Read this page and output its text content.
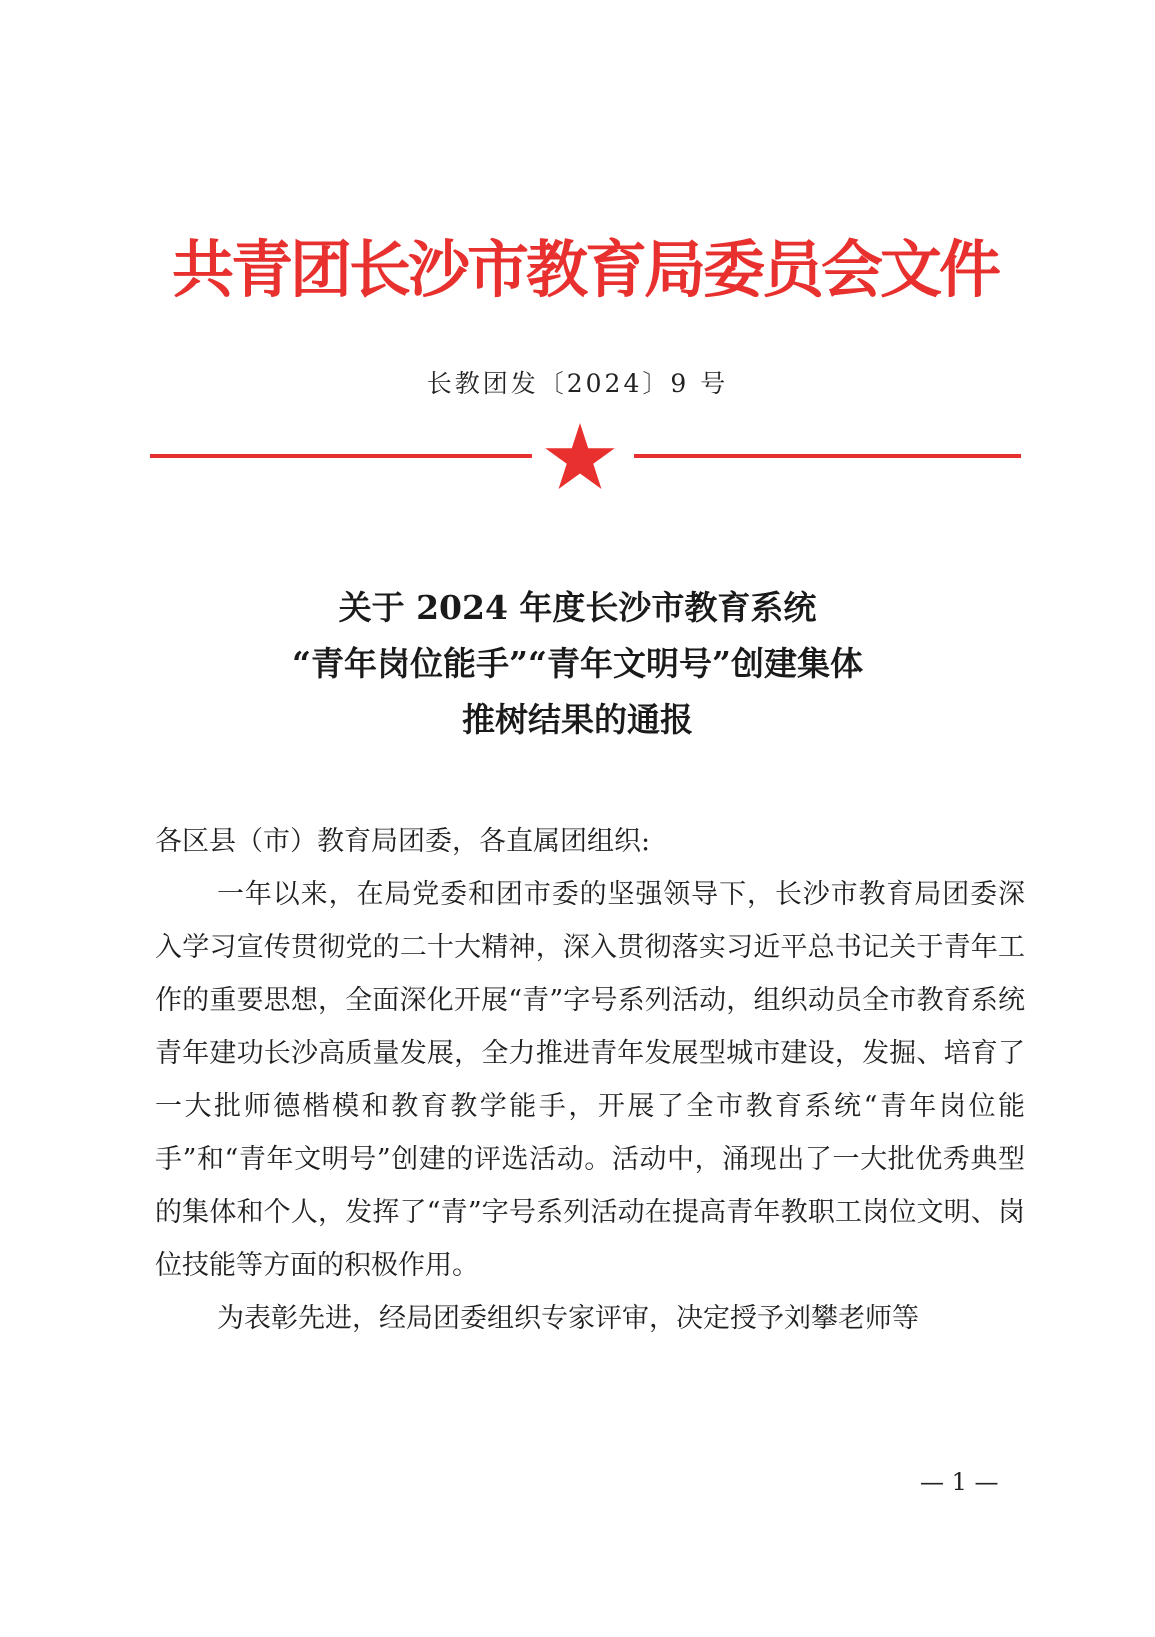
共青团长沙市教育局委员会文件
长教团发〔2024〕9 号
关于 2024 年度长沙市教育系统
“青年岗位能手”“青年文明号”创建集体
推树结果的通报

各区县（市）教育局团委，各直属团组织:

一年以来，在局党委和团市委的坚强领导下，长沙市教育局团委深入学习宣传贯彻党的二十大精神，深入贯彻落实习近平总书记关于青年工作的重要思想，全面深化开展“青”字号系列活动，组织动员全市教育系统青年建功长沙高质量发展，全力推进青年发展型城市建设，发掘、培育了一大批师德楷模和教育教学能手，开展了全市教育系统“青年岗位能手”和“青年文明号”创建的评选活动。活动中，涌现出了一大批优秀典型的集体和个人，发挥了“青”字号系列活动在提高青年教职工岗位文明、岗位技能等方面的积极作用。

为表彰先进，经局团委组织专家评审，决定授予刘攀老师等

— 1 —
